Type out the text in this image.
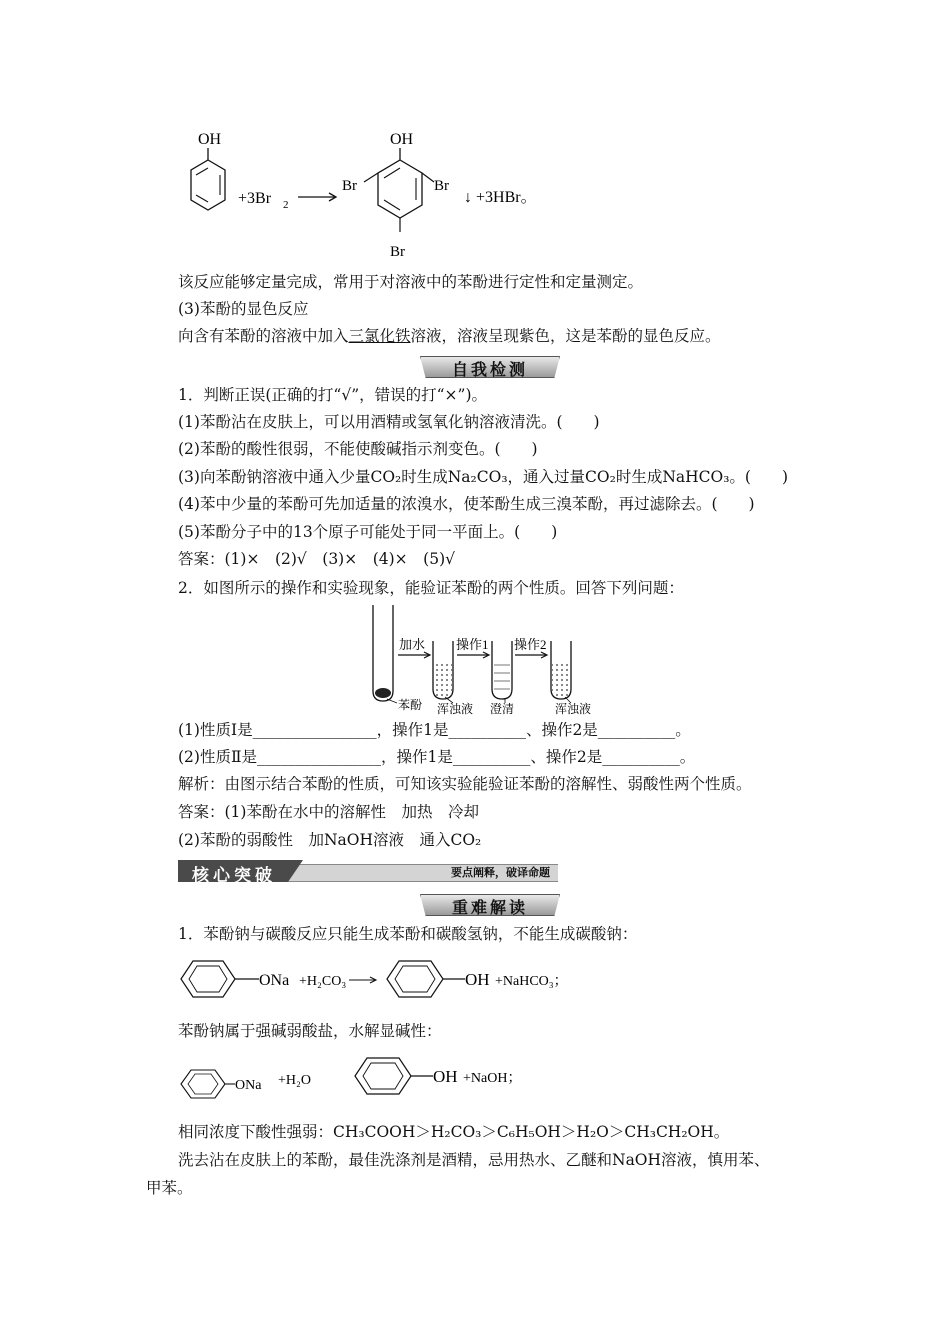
OH
+3Br 2
OH
Br	Br
Br
↓ +3HBr。
该反应能够定量完成，常用于对溶液中的苯酚进行定性和定量测定。
(3)苯酚的显色反应
向含有苯酚的溶液中加入三氯化铁溶液，溶液呈现紫色，这是苯酚的显色反应。
自我检测
1．判断正误(正确的打“√”，错误的打“×”)。
(1)苯酚沾在皮肤上，可以用酒精或氢氧化钠溶液清洗。(　　)
(2)苯酚的酸性很弱，不能使酸碱指示剂变色。(　　)
(3)向苯酚钠溶液中通入少量CO₂时生成Na₂CO₃，通入过量CO₂时生成NaHCO₃。(　　)
(4)苯中少量的苯酚可先加适量的浓溴水，使苯酚生成三溴苯酚，再过滤除去。(　　)
(5)苯酚分子中的13个原子可能处于同一平面上。(　　)
答案：(1)×　(2)√　(3)×　(4)×　(5)√
2．如图所示的操作和实验现象，能验证苯酚的两个性质。回答下列问题：
加水 操作1 操作2
苯酚 浑浊液 澄清	浑浊液
(1)性质Ⅰ是________________，操作1是__________、操作2是__________。
(2)性质Ⅱ是________________，操作1是__________、操作2是__________。
解析：由图示结合苯酚的性质，可知该实验能验证苯酚的溶解性、弱酸性两个性质。
答案：(1)苯酚在水中的溶解性　加热　冷却
(2)苯酚的弱酸性　加NaOH溶液　通入CO₂
核心突破	要点阐释，破译命题
重难解读
1．苯酚钠与碳酸反应只能生成苯酚和碳酸氢钠，不能生成碳酸钠：
ONa +H₂CO₃	OH +NaHCO₃；
苯酚钠属于强碱弱酸盐，水解显碱性：
ONa +H₂O	OH +NaOH；
相同浓度下酸性强弱：CH₃COOH＞H₂CO₃＞C₆H₅OH＞H₂O＞CH₃CH₂OH。
洗去沾在皮肤上的苯酚，最佳洗涤剂是酒精，忌用热水、乙醚和NaOH溶液，慎用苯、
甲苯。
